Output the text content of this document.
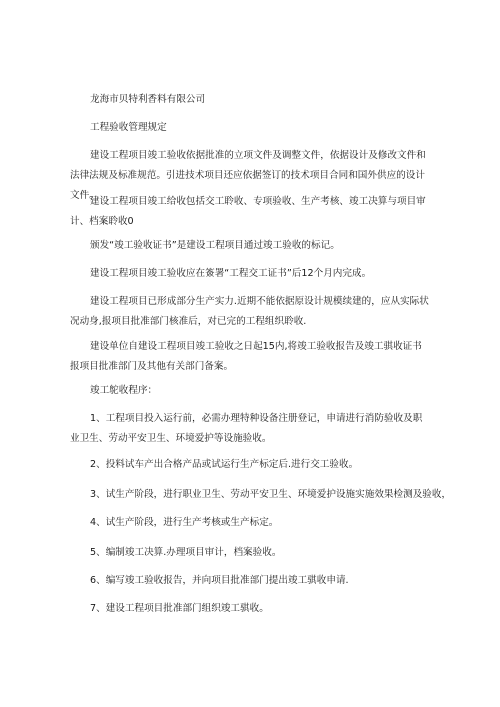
龙海市贝特利香料有限公司

工程验收管理规定

建设工程项目竣工验收依据批准的立项文件及调整文件，依据设计及修改文件和法律法规及标准规范。引进技术项目还应依据签订的技术项目合同和国外供应的设计文件。

建设工程项目竣工给收包括交工聆收、专项验收、生产考核、竣工决算与项目审计、档案聆收0

颁发“竣工验收证书”是建设工程项目通过竣工验收的标记。

建设工程项目竣工验收应在簽署“工程交工证书”后12个月内完成。

建设工程项目已形成部分生产实力.近期不能依据原设计规模续建的，应从实际状况动身,报项目批准部门核准后，对已完的工程组织聆收.

建设单位自建设工程项目竣工验收之日起15内,将竣工验收报告及竣工骐收证书报项目批准部门及其他有关部门备案。

竣工鸵收程序：

1、工程项目投入运行前，必需办理特种设备注册登记，申请进行消防验收及职业卫生、劳动平安卫生、环境爱护等设施验收。

2、投料试车产出合格产品或试运行生产标定后.进行交工验收。

3、试生产阶段，进行职业卫生、劳动平安卫生、环境爱护设施实施效果检测及验收，

4、试生产阶段，进行生产考核或生产标定。

5、编制竣工决算.办理项目审计，档案验收。

6、编写竣工验收报告，并向项目批准部门提出竣工骐收申请.

7、建设工程项目批准部门组织竣工骐收。
